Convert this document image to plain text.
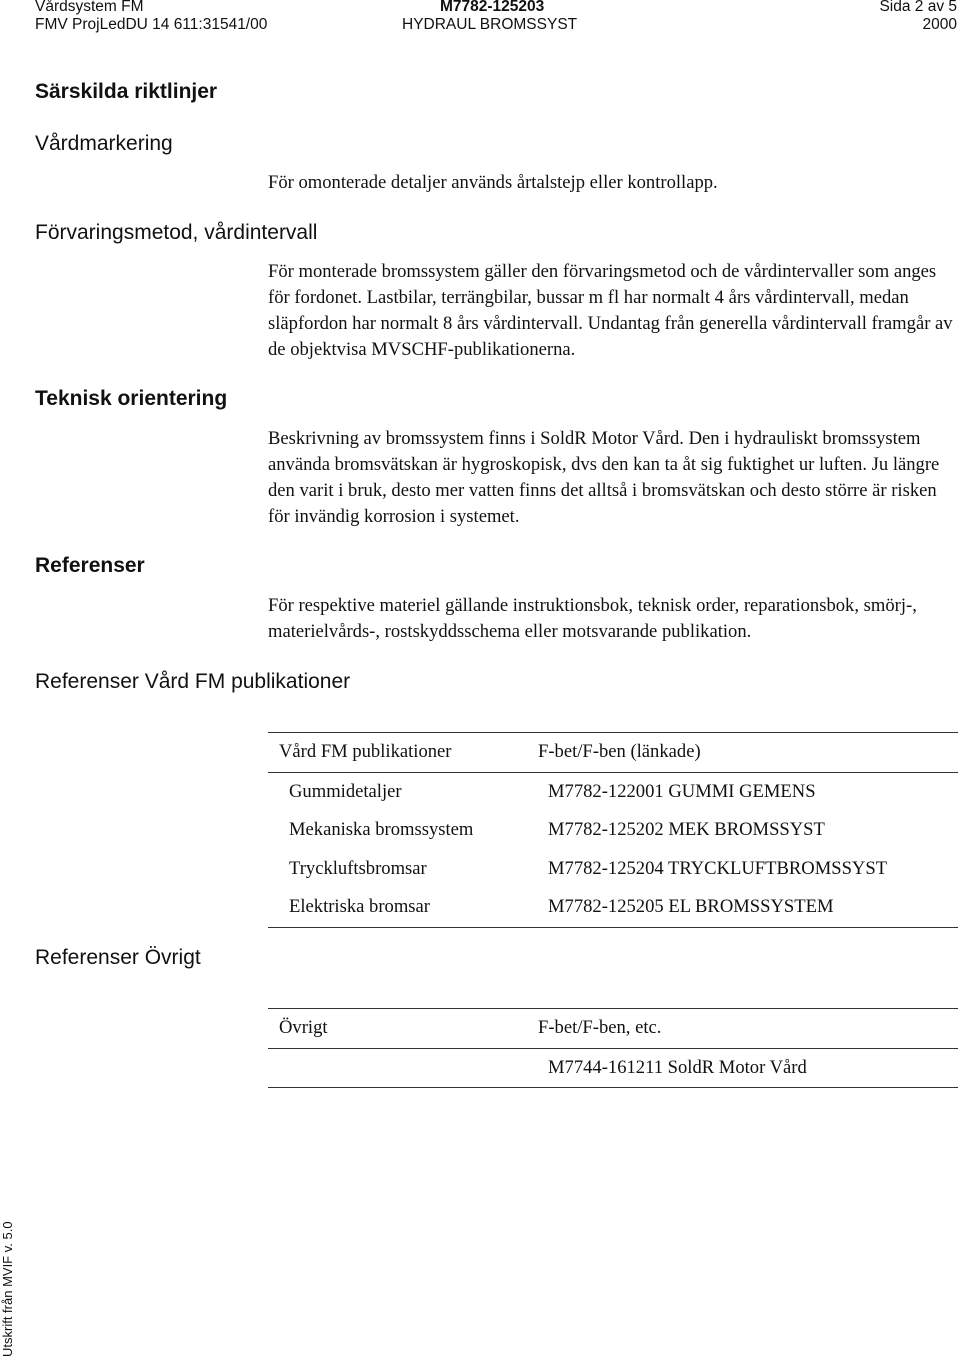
Vårdsystem FM
FMV ProjLedDU 14 611:31541/00
M7782-125203
HYDRAUL BROMSSYST
Sida 2 av 5
2000
Särskilda riktlinjer
Vårdmarkering
För omonterade detaljer används årtalstejp eller kontrollapp.
Förvaringsmetod, vårdintervall
För monterade bromssystem gäller den förvaringsmetod och de vårdintervaller som anges för fordonet. Lastbilar, terrängbilar, bussar m fl har normalt 4 års vårdintervall, medan släpfordon har normalt 8 års vårdintervall. Undantag från generella vårdintervall framgår av de objektvisa MVSCHF-publikationerna.
Teknisk orientering
Beskrivning av bromssystem finns i SoldR Motor Vård. Den i hydrauliskt bromssystem använda bromsvätskan är hygroskopisk, dvs den kan ta åt sig fuktighet ur luften. Ju längre den varit i bruk, desto mer vatten finns det alltså i bromsvätskan och desto större är risken för invändig korrosion i systemet.
Referenser
För respektive materiel gällande instruktionsbok, teknisk order, reparationsbok, smörj-, materielvårds-, rostskyddsschema eller motsvarande publikation.
Referenser Vård FM publikationer
Vård FM publikationer	F-bet/F-ben (länkade)
Gummidetaljer	M7782-122001 GUMMI GEMENS
Mekaniska bromssystem	M7782-125202 MEK BROMSSYST
Tryckluftsbromsar	M7782-125204 TRYCKLUFTBROMSSYST
Elektriska bromsar	M7782-125205 EL BROMSSYSTEM
Referenser Övrigt
Övrigt	F-bet/F-ben, etc.
	M7744-161211 SoldR Motor Vård
Utskrift från MVIF v. 5.0
